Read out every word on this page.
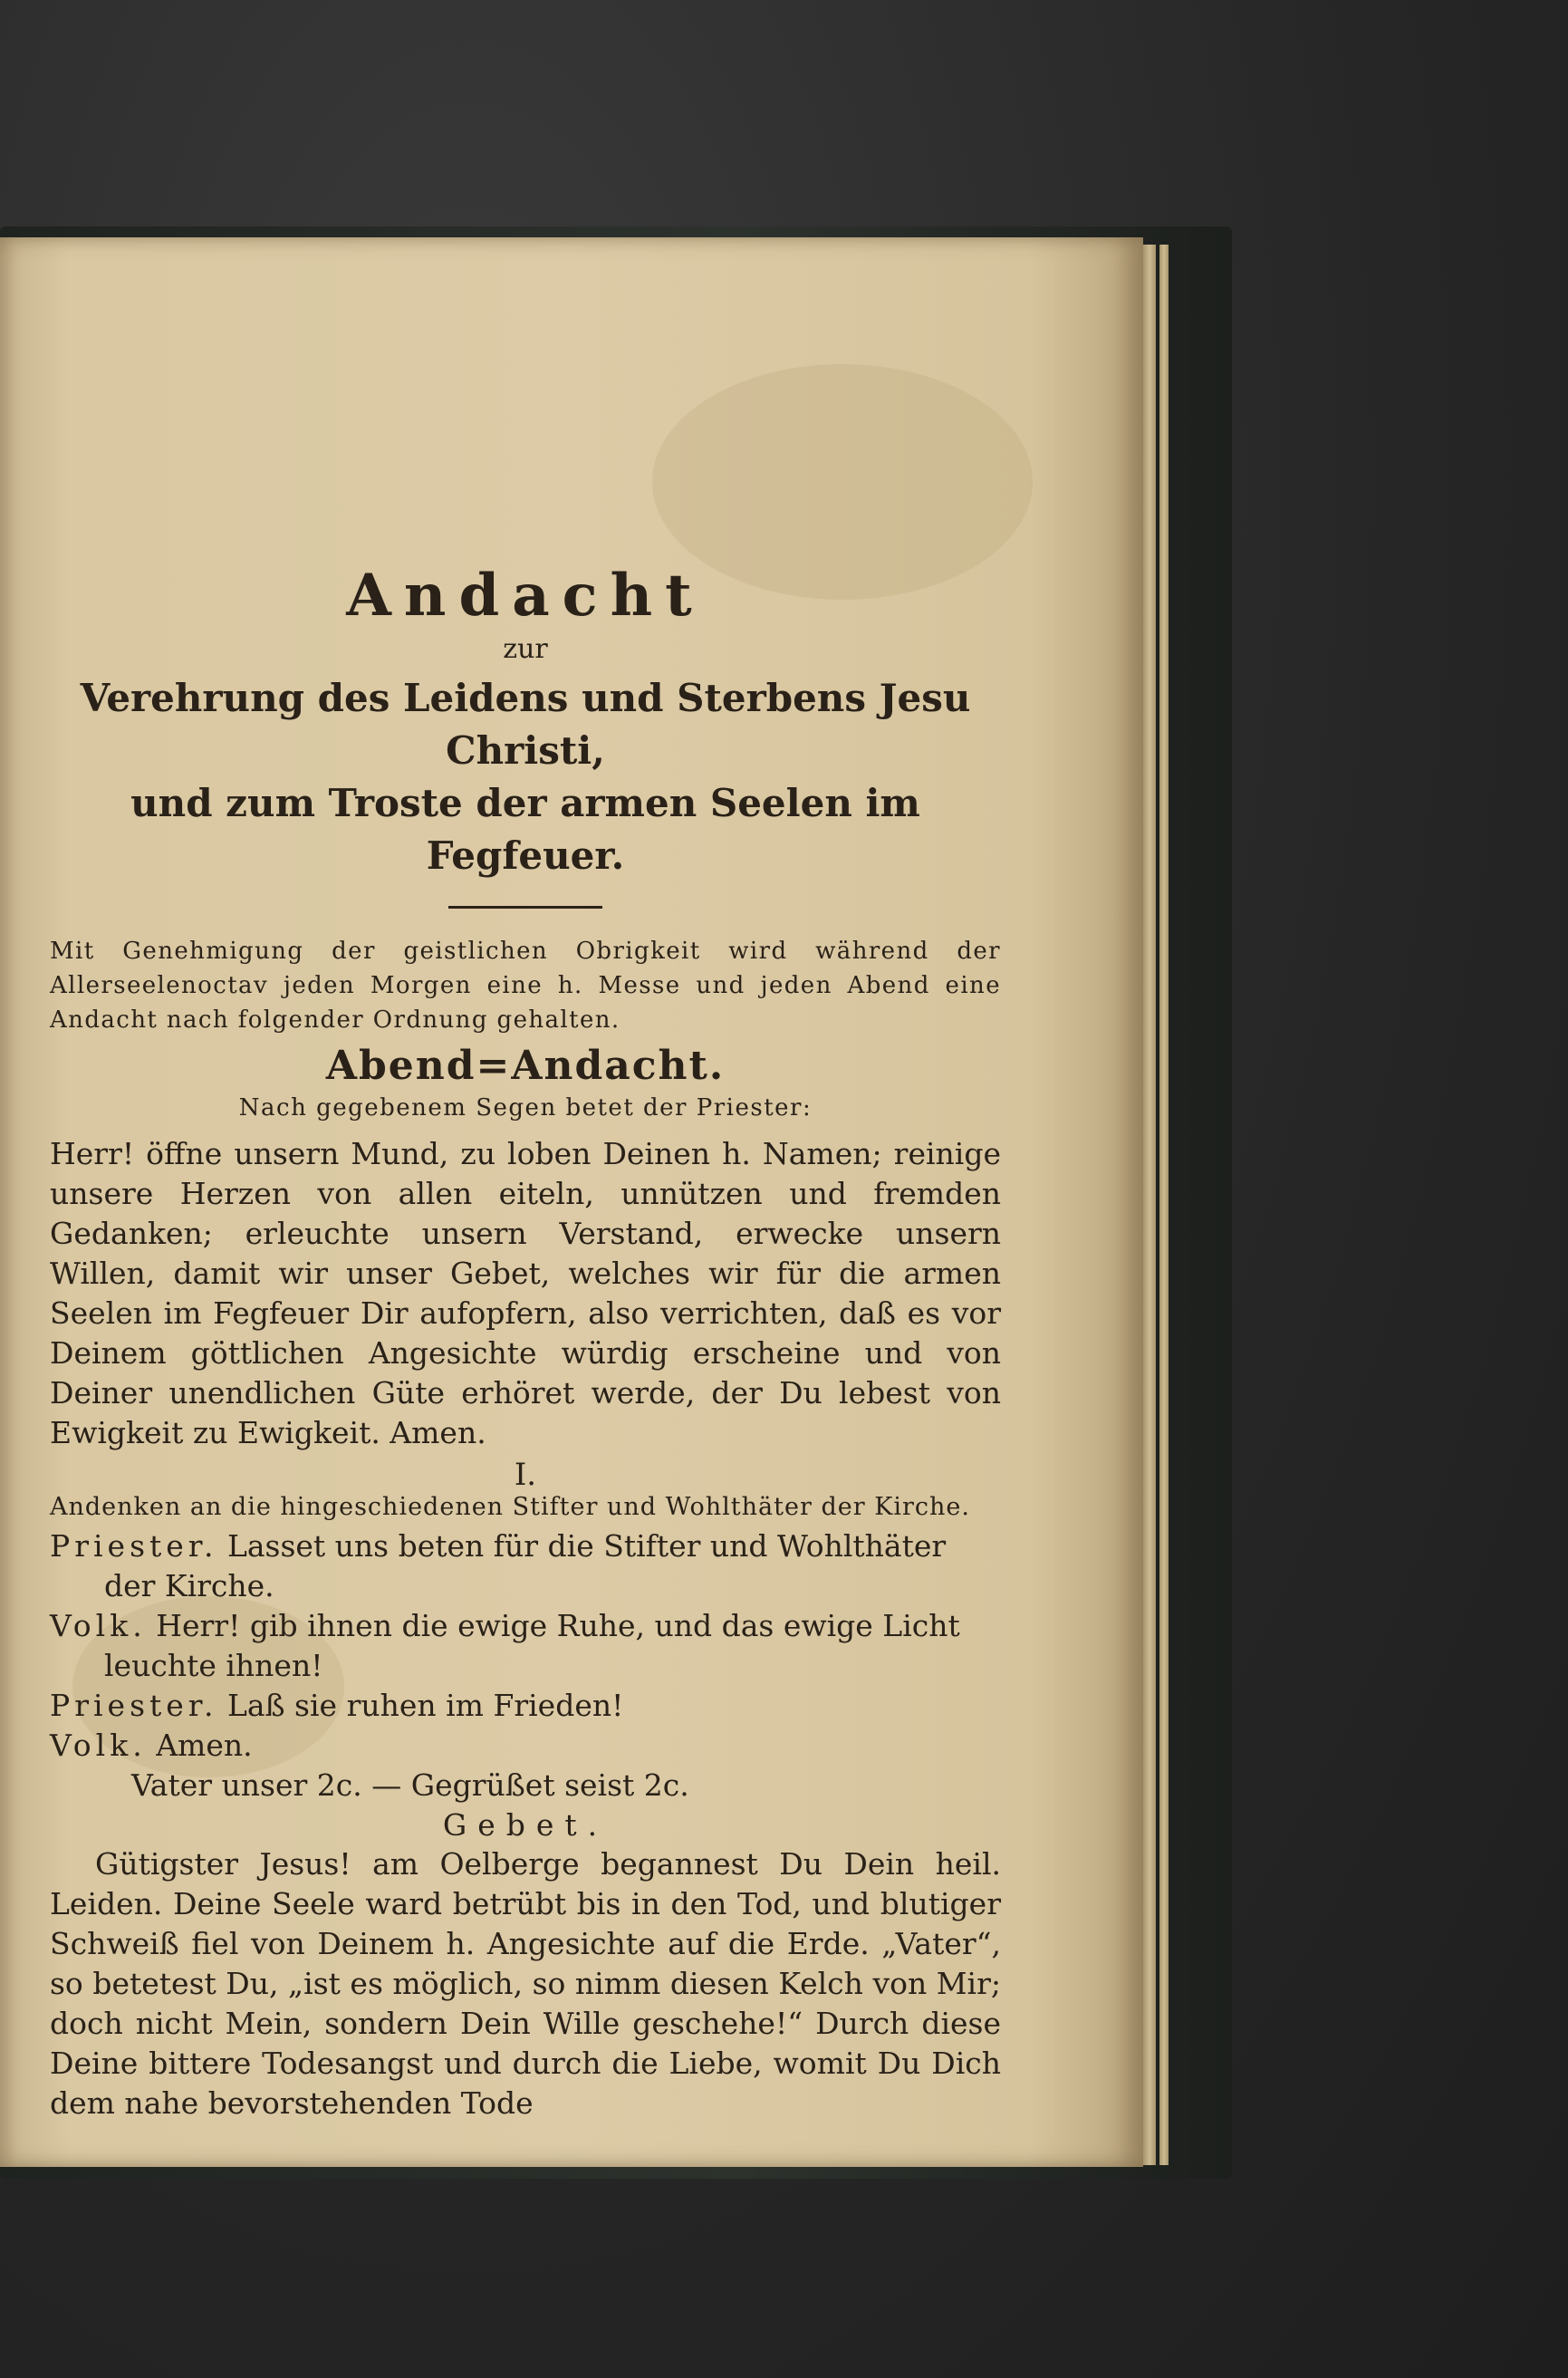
Andacht

zur

Verehrung des Leidens und Sterbens Jesu Christi,

und zum Troste der armen Seelen im Fegfeuer.

Mit Genehmigung der geistlichen Obrigkeit wird während der Allerseelenoctav jeden Morgen eine h. Messe und jeden Abend eine Andacht nach folgender Ordnung gehalten.

Abend=Andacht.

Nach gegebenem Segen betet der Priester:

Herr! öffne unsern Mund, zu loben Deinen h. Namen; reinige unsere Herzen von allen eiteln, unnützen und fremden Gedanken; erleuchte unsern Verstand, erwecke unsern Willen, damit wir unser Gebet, welches wir für die armen Seelen im Fegfeuer Dir aufopfern, also verrichten, daß es vor Deinem göttlichen Angesichte würdig erscheine und von Deiner unendlichen Güte erhöret werde, der Du lebest von Ewigkeit zu Ewigkeit. Amen.

I.

Andenken an die hingeschiedenen Stifter und Wohlthäter der Kirche.

Priester. Lasset uns beten für die Stifter und Wohlthäter der Kirche.

Volk. Herr! gib ihnen die ewige Ruhe, und das ewige Licht leuchte ihnen!

Priester. Laß sie ruhen im Frieden!

Volk. Amen.

Vater unser 2c. — Gegrüßet seist 2c.

Gebet.

Gütigster Jesus! am Oelberge begannest Du Dein heil. Leiden. Deine Seele ward betrübt bis in den Tod, und blutiger Schweiß fiel von Deinem h. Angesichte auf die Erde. „Vater“, so betetest Du, „ist es möglich, so nimm diesen Kelch von Mir; doch nicht Mein, sondern Dein Wille geschehe!“ Durch diese Deine bittere Todesangst und durch die Liebe, womit Du Dich dem nahe bevorstehenden Tode
